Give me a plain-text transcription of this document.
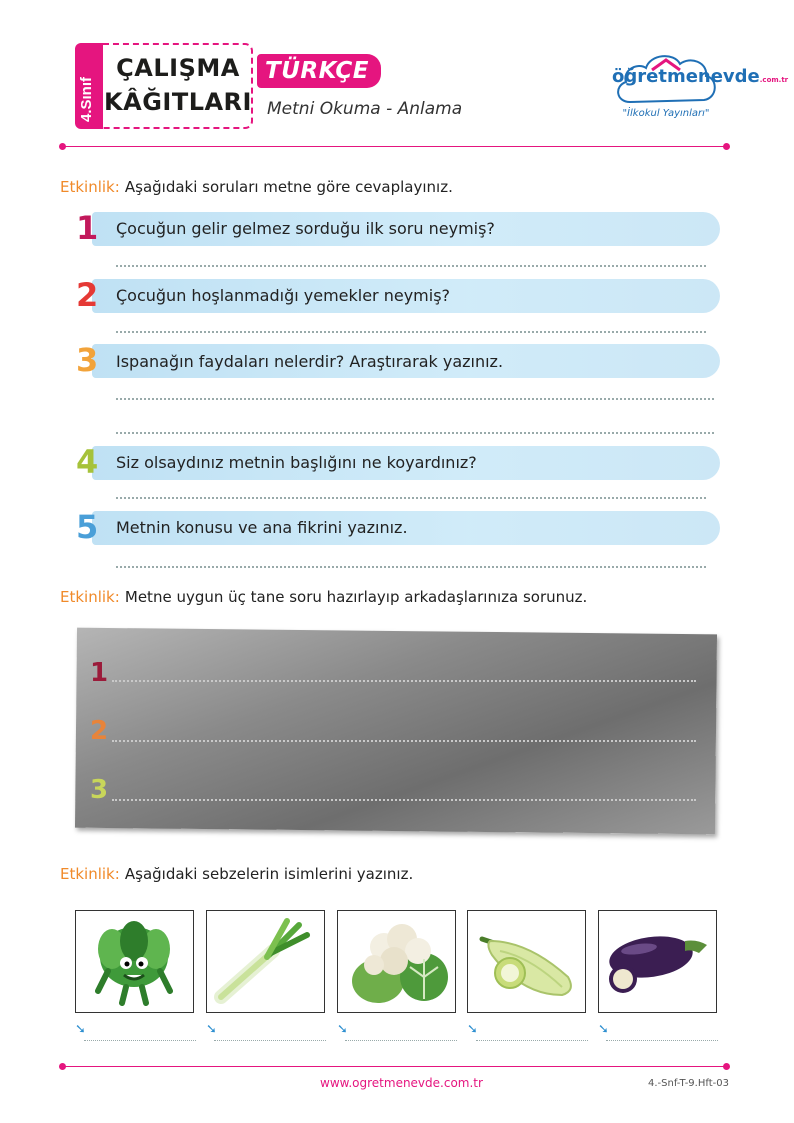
4.Sınıf
ÇALIŞMA
KÂĞITLARI
TÜRKÇE
Metni Okuma - Anlama
öğretmenevde.com.tr
"İlkokul Yayınları"
Etkinlik: Aşağıdaki soruları metne göre cevaplayınız.
1	Çocuğun gelir gelmez sorduğu ilk soru neymiş?
2	Çocuğun hoşlanmadığı yemekler neymiş?
3	Ispanağın faydaları nelerdir? Araştırarak yazınız.
4	Siz olsaydınız metnin başlığını ne koyardınız?
5	Metnin konusu ve ana fikrini yazınız.
Etkinlik: Metne uygun üç tane soru hazırlayıp arkadaşlarınıza sorunuz.
1
2
3
Etkinlik: Aşağıdaki sebzelerin isimlerini yazınız.
➘	➘	➘	➘	➘
www.ogretmenevde.com.tr	4.-Snf-T-9.Hft-03
